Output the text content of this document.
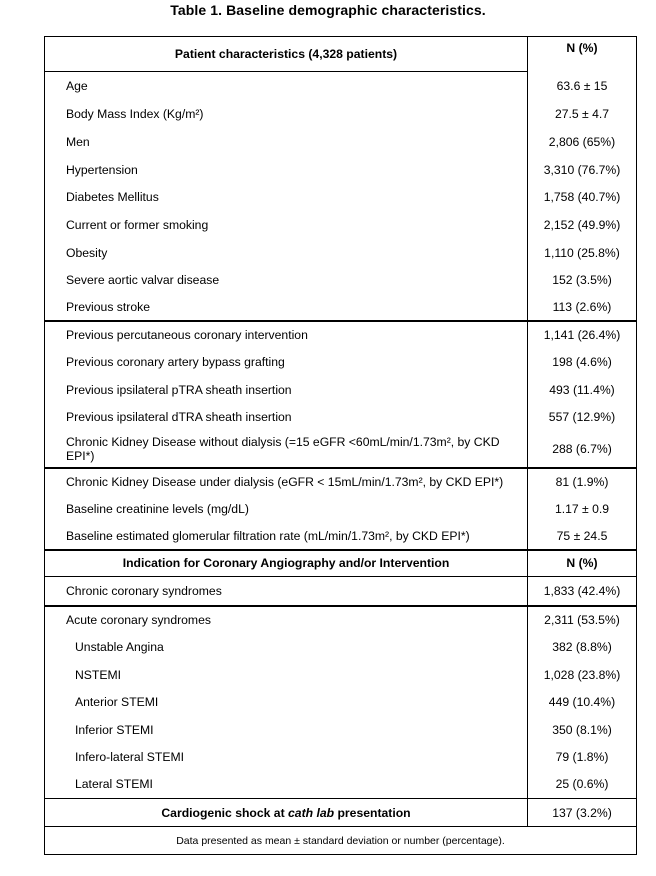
Table 1. Baseline demographic characteristics.
Patient characteristics (4,328 patients)	N (%)
Age	63.6 ± 15
Body Mass Index (Kg/m²)	27.5 ± 4.7
Men	2,806 (65%)
Hypertension	3,310 (76.7%)
Diabetes Mellitus	1,758 (40.7%)
Current or former smoking	2,152 (49.9%)
Obesity	1,110 (25.8%)
Severe aortic valvar disease	152 (3.5%)
Previous stroke	113 (2.6%)
Previous percutaneous coronary intervention	1,141 (26.4%)
Previous coronary artery bypass grafting	198 (4.6%)
Previous ipsilateral pTRA sheath insertion	493 (11.4%)
Previous ipsilateral dTRA sheath insertion	557 (12.9%)
Chronic Kidney Disease without dialysis (=15 eGFR <60mL/min/1.73m², by CKD EPI*)	288 (6.7%)
Chronic Kidney Disease under dialysis (eGFR < 15mL/min/1.73m², by CKD EPI*)	81 (1.9%)
Baseline creatinine levels (mg/dL)	1.17 ± 0.9
Baseline estimated glomerular filtration rate (mL/min/1.73m², by CKD EPI*)	75 ± 24.5
Indication for Coronary Angiography and/or Intervention	N (%)
Chronic coronary syndromes	1,833 (42.4%)
Acute coronary syndromes	2,311 (53.5%)
Unstable Angina	382 (8.8%)
NSTEMI	1,028 (23.8%)
Anterior STEMI	449 (10.4%)
Inferior STEMI	350 (8.1%)
Infero-lateral STEMI	79 (1.8%)
Lateral STEMI	25 (0.6%)
Cardiogenic shock at cath lab presentation	137 (3.2%)
Data presented as mean ± standard deviation or number (percentage).	
